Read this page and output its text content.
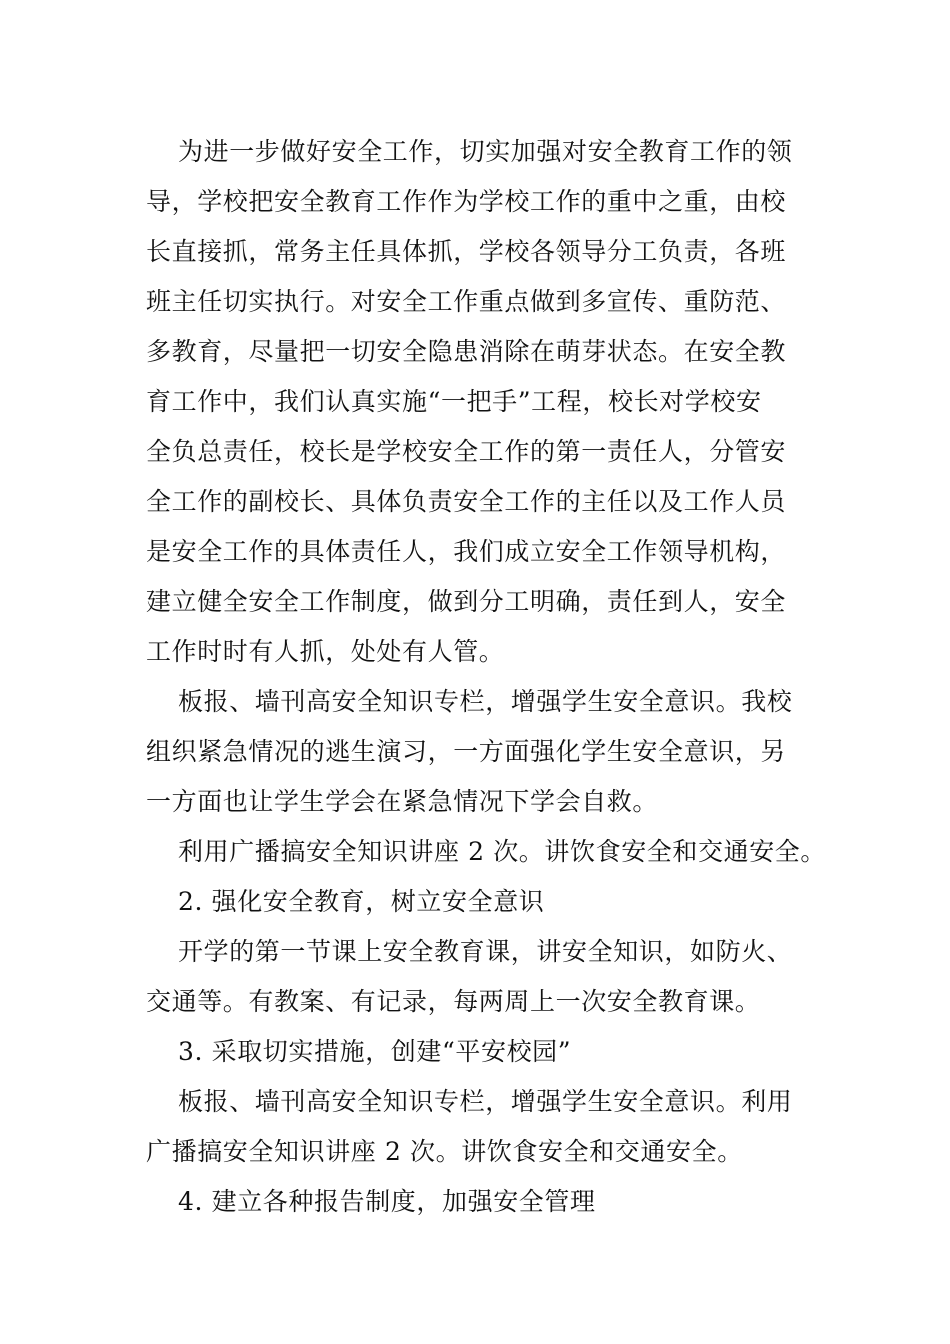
为进一步做好安全工作，切实加强对安全教育工作的领
导，学校把安全教育工作作为学校工作的重中之重，由校
长直接抓，常务主任具体抓，学校各领导分工负责，各班
班主任切实执行。对安全工作重点做到多宣传、重防范、
多教育，尽量把一切安全隐患消除在萌芽状态。在安全教
育工作中，我们认真实施“一把手”工程，校长对学校安
全负总责任，校长是学校安全工作的第一责任人，分管安
全工作的副校长、具体负责安全工作的主任以及工作人员
是安全工作的具体责任人，我们成立安全工作领导机构，
建立健全安全工作制度，做到分工明确，责任到人，安全
工作时时有人抓，处处有人管。
板报、墙刊高安全知识专栏，增强学生安全意识。我校
组织紧急情况的逃生演习，一方面强化学生安全意识，另
一方面也让学生学会在紧急情况下学会自救。
利用广播搞安全知识讲座 2 次。讲饮食安全和交通安全。
2. 强化安全教育，树立安全意识
开学的第一节课上安全教育课，讲安全知识，如防火、
交通等。有教案、有记录，每两周上一次安全教育课。
3. 采取切实措施，创建“平安校园”
板报、墙刊高安全知识专栏，增强学生安全意识。利用
广播搞安全知识讲座 2 次。讲饮食安全和交通安全。
4. 建立各种报告制度，加强安全管理
